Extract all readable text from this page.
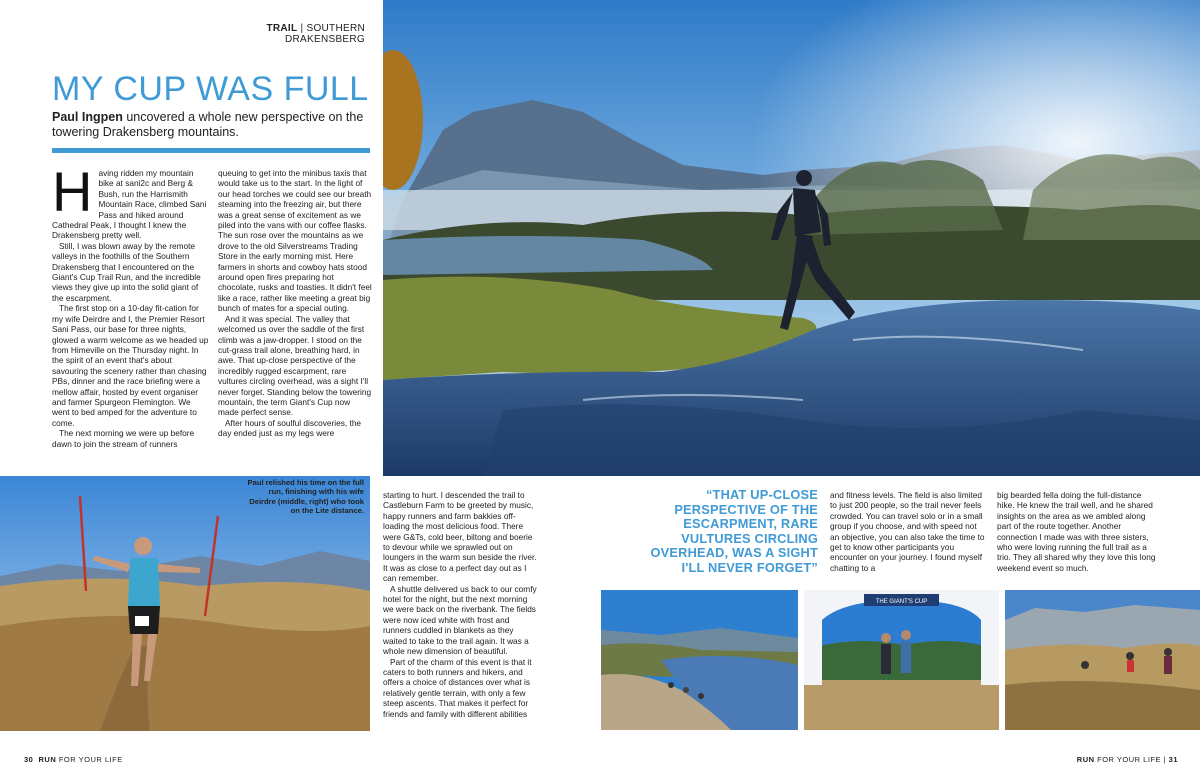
TRAIL | SOUTHERN DRAKENSBERG
MY CUP WAS FULL
Paul Ingpen uncovered a whole new perspective on the towering Drakensberg mountains.
H aving ridden my mountain bike at sani2c and Berg & Bush, run the Harrismith Mountain Race, climbed Sani Pass and hiked around Cathedral Peak, I thought I knew the Drakensberg pretty well.

Still, I was blown away by the remote valleys in the foothills of the Southern Drakensberg that I encountered on the Giant's Cup Trail Run, and the incredible views they give up into the solid giant of the escarpment.

The first stop on a 10-day fit-cation for my wife Deirdre and I, the Premier Resort Sani Pass, our base for three nights, glowed a warm welcome as we headed up from Himeville on the Thursday night. In the spirit of an event that's about savouring the scenery rather than chasing PBs, dinner and the race briefing were a mellow affair, hosted by event organiser and farmer Spurgeon Flemington. We went to bed amped for the adventure to come.

The next morning we were up before dawn to join the stream of runners

queuing to get into the minibus taxis that would take us to the start. In the light of our head torches we could see our breath steaming into the freezing air, but there was a great sense of excitement as we piled into the vans with our coffee flasks. The sun rose over the mountains as we drove to the old Silverstreams Trading Store in the early morning mist. Here farmers in shorts and cowboy hats stood around open fires preparing hot chocolate, rusks and toasties. It didn't feel like a race, rather like meeting a great big bunch of mates for a special outing.

And it was special. The valley that welcomed us over the saddle of the first climb was a jaw-dropper. I stood on the cut-grass trail alone, breathing hard, in awe. That up-close perspective of the incredibly rugged escarpment, rare vultures circling overhead, was a sight I'll never forget. Standing below the towering mountain, the term Giant's Cup now made perfect sense.

After hours of soulful discoveries, the day ended just as my legs were

Paul relished his time on the full run, finishing with his wife Deirdre (middle, right) who took on the Lite distance.

starting to hurt. I descended the trail to Castleburn Farm to be greeted by music, happy runners and farm bakkies off-loading the most delicious food. There were G&Ts, cold beer, biltong and boerie to devour while we sprawled out on loungers in the warm sun beside the river. It was as close to a perfect day out as I can remember.

A shuttle delivered us back to our comfy hotel for the night, but the next morning we were back on the riverbank. The fields were now iced white with frost and runners cuddled in blankets as they waited to take to the trail again. It was a whole new dimension of beautiful.

Part of the charm of this event is that it caters to both runners and hikers, and offers a choice of distances over what is relatively gentle terrain, with only a few steep ascents. That makes it perfect for friends and family with different abilities

“THAT UP-CLOSE PERSPECTIVE OF THE ESCARPMENT, RARE VULTURES CIRCLING OVERHEAD, WAS A SIGHT I'LL NEVER FORGET”

and fitness levels. The field is also limited to just 200 people, so the trail never feels crowded. You can travel solo or in a small group if you choose, and with speed not an objective, you can also take the time to get to know other participants you encounter on your journey. I found myself chatting to a

big bearded fella doing the full-distance hike. He knew the trail well, and he shared insights on the area as we ambled along part of the route together. Another connection I made was with three sisters, who were loving running the full trail as a trio. They all shared why they love this long weekend event so much.

THE GIANT'S CUP
30 RUN FOR YOUR LIFE	RUN FOR YOUR LIFE | 31
